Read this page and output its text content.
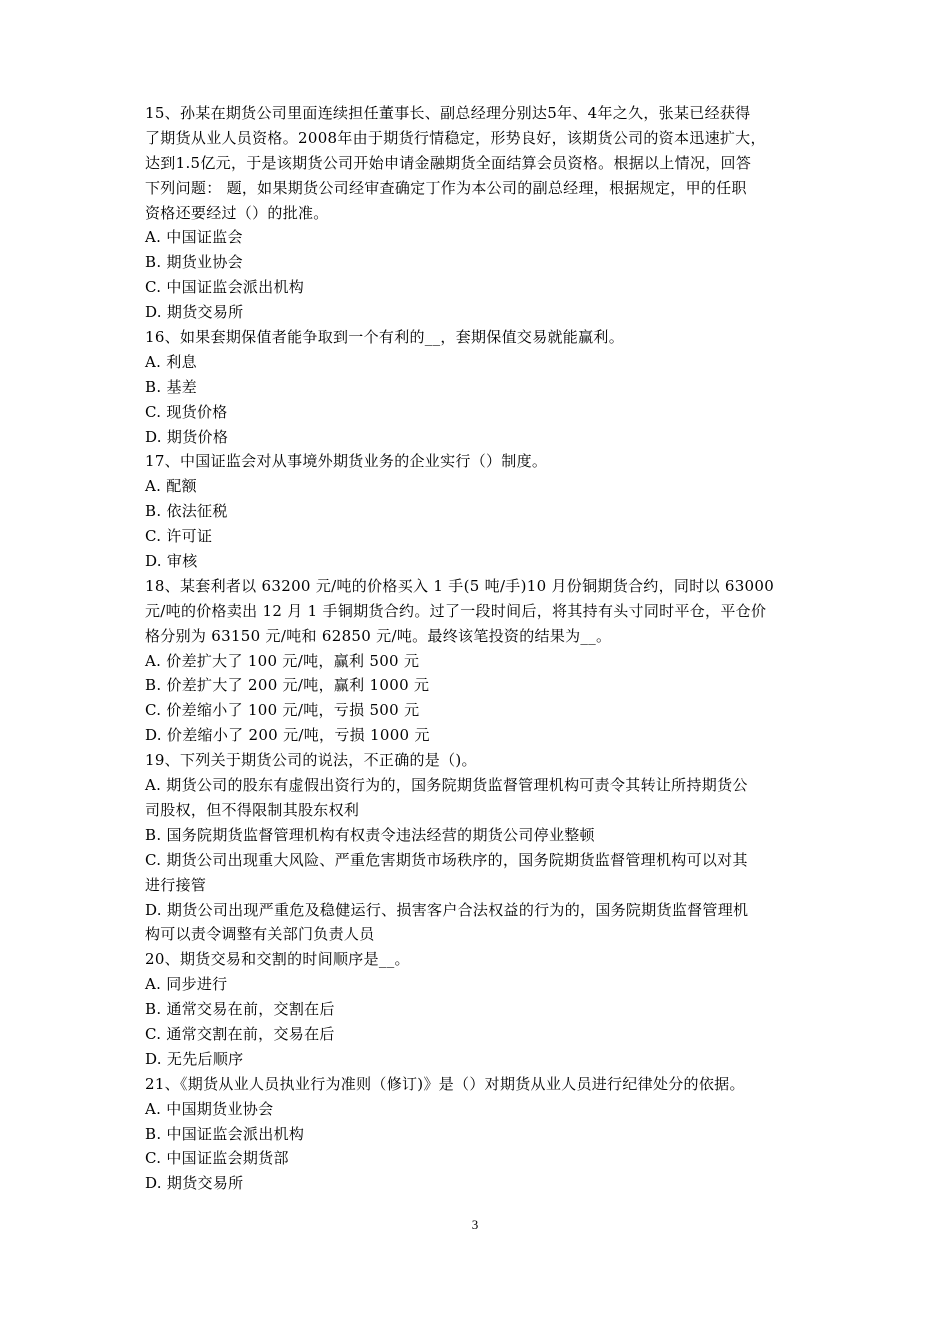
15、孙某在期货公司里面连续担任董事长、副总经理分别达5年、4年之久，张某已经获得
了期货从业人员资格。2008年由于期货行情稳定，形势良好，该期货公司的资本迅速扩大，
达到1.5亿元，于是该期货公司开始申请金融期货全面结算会员资格。根据以上情况，回答
下列问题： 题，如果期货公司经审查确定丁作为本公司的副总经理，根据规定，甲的任职
资格还要经过（）的批准。
A. 中国证监会
B. 期货业协会
C. 中国证监会派出机构
D. 期货交易所
16、如果套期保值者能争取到一个有利的__，套期保值交易就能赢利。
A. 利息
B. 基差
C. 现货价格
D. 期货价格
17、中国证监会对从事境外期货业务的企业实行（）制度。
A. 配额
B. 依法征税
C. 许可证
D. 审核
18、某套利者以 63200 元/吨的价格买入 1 手(5 吨/手)10 月份铜期货合约，同时以 63000
元/吨的价格卖出 12 月 1 手铜期货合约。过了一段时间后，将其持有头寸同时平仓，平仓价
格分别为 63150 元/吨和 62850 元/吨。最终该笔投资的结果为__。
A. 价差扩大了 100 元/吨，赢利 500 元
B. 价差扩大了 200 元/吨，赢利 1000 元
C. 价差缩小了 100 元/吨，亏损 500 元
D. 价差缩小了 200 元/吨，亏损 1000 元
19、下列关于期货公司的说法，不正确的是（)。
A. 期货公司的股东有虚假出资行为的，国务院期货监督管理机构可责令其转让所持期货公
司股权，但不得限制其股东权利
B. 国务院期货监督管理机构有权责令违法经营的期货公司停业整顿
C. 期货公司出现重大风险、严重危害期货市场秩序的，国务院期货监督管理机构可以对其
进行接管
D. 期货公司出现严重危及稳健运行、损害客户合法权益的行为的，国务院期货监督管理机
构可以责令调整有关部门负责人员
20、期货交易和交割的时间顺序是__。
A. 同步进行
B. 通常交易在前，交割在后
C. 通常交割在前，交易在后
D. 无先后顺序
21、《期货从业人员执业行为准则（修订)》是（）对期货从业人员进行纪律处分的依据。
A. 中国期货业协会
B. 中国证监会派出机构
C. 中国证监会期货部
D. 期货交易所
3
